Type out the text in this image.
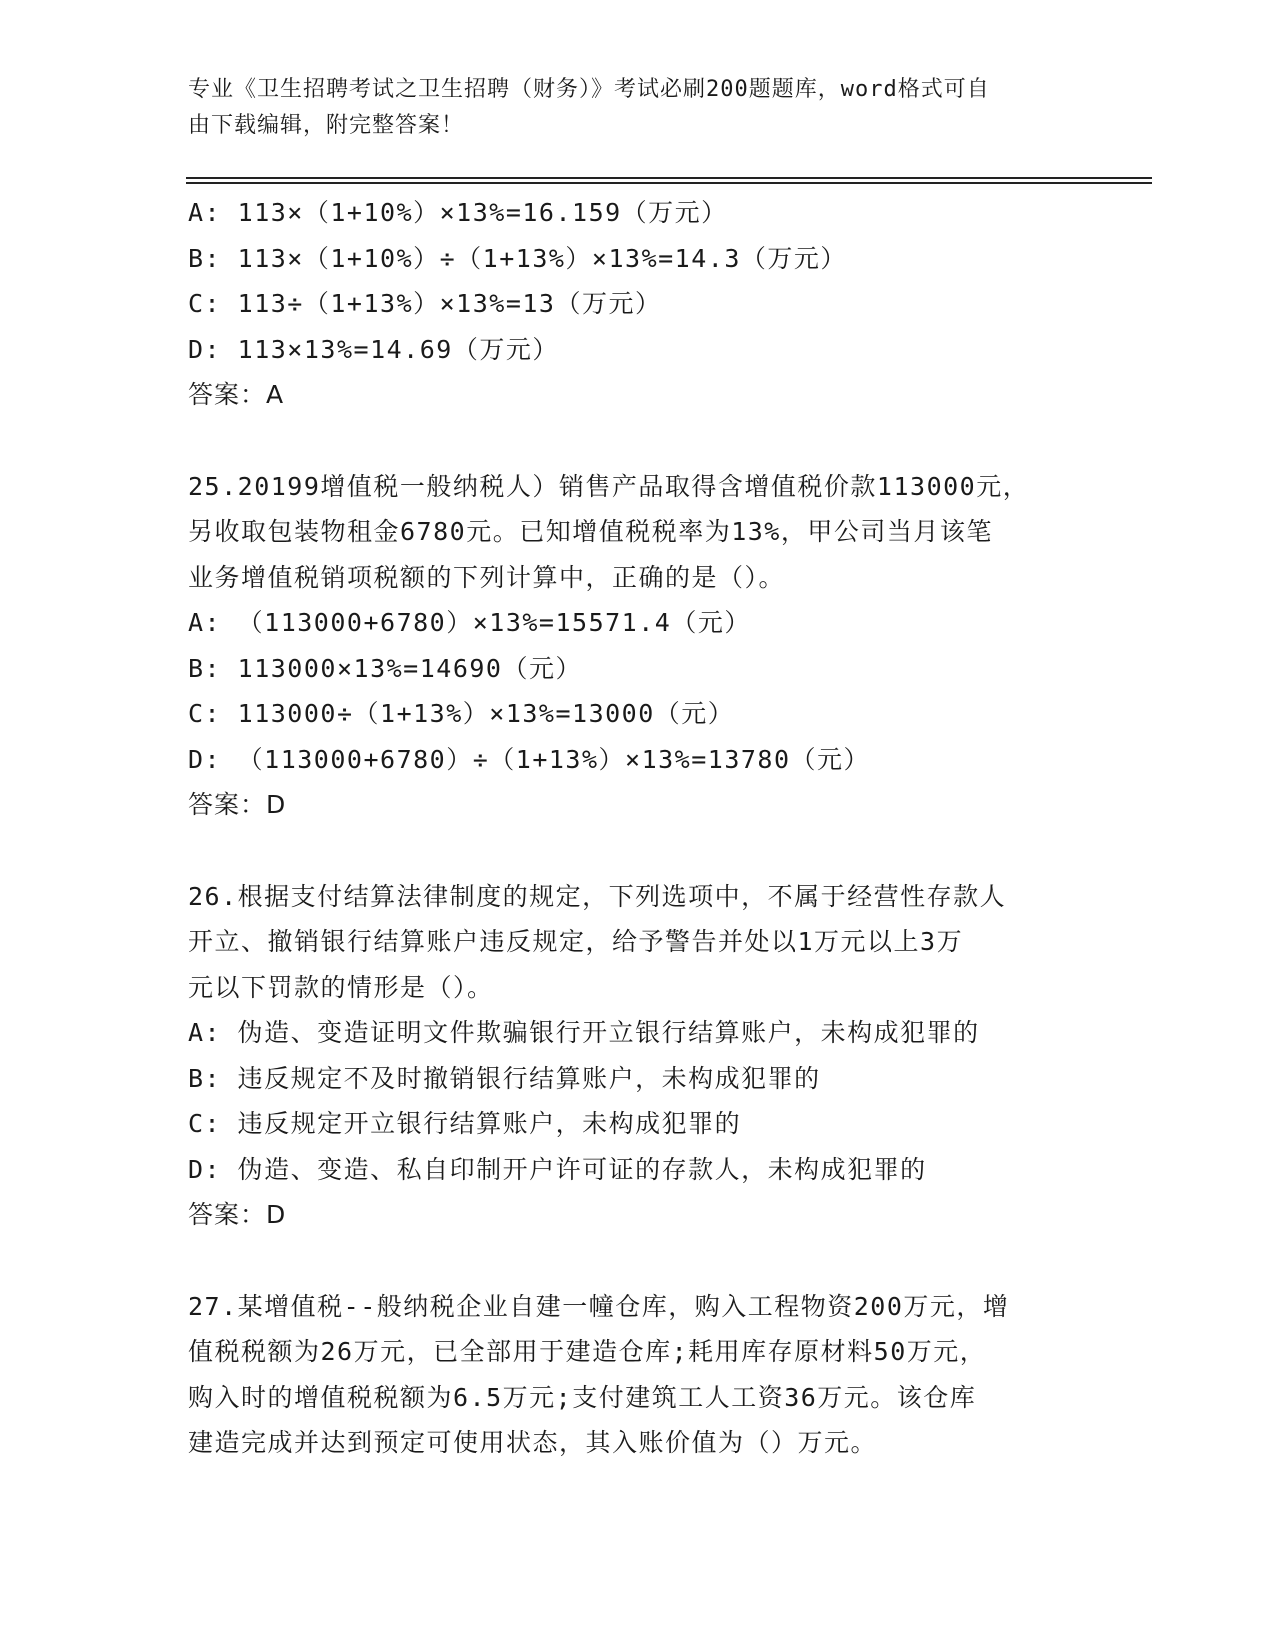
专业《卫生招聘考试之卫生招聘（财务）》考试必刷200题题库，word格式可自
由下载编辑，附完整答案！
A: 113×（1+10%）×13%=16.159（万元）
B: 113×（1+10%）÷（1+13%）×13%=14.3（万元）
C: 113÷（1+13%）×13%=13（万元）
D: 113×13%=14.69（万元）
答案：A
25.20199增值税一般纳税人）销售产品取得含增值税价款113000元，
另收取包装物租金6780元。已知增值税税率为13%，甲公司当月该笔
业务增值税销项税额的下列计算中，正确的是（）。
A: （113000+6780）×13%=15571.4（元）
B: 113000×13%=14690（元）
C: 113000÷（1+13%）×13%=13000（元）
D: （113000+6780）÷（1+13%）×13%=13780（元）
答案：D
26.根据支付结算法律制度的规定，下列选项中，不属于经营性存款人
开立、撤销银行结算账户违反规定，给予警告并处以1万元以上3万
元以下罚款的情形是（）。
A: 伪造、变造证明文件欺骗银行开立银行结算账户，未构成犯罪的
B: 违反规定不及时撤销银行结算账户，未构成犯罪的
C: 违反规定开立银行结算账户，未构成犯罪的
D: 伪造、变造、私自印制开户许可证的存款人，未构成犯罪的
答案：D
27.某增值税--般纳税企业自建一幢仓库，购入工程物资200万元，增
值税税额为26万元，已全部用于建造仓库;耗用库存原材料50万元，
购入时的增值税税额为6.5万元;支付建筑工人工资36万元。该仓库
建造完成并达到预定可使用状态，其入账价值为（）万元。
